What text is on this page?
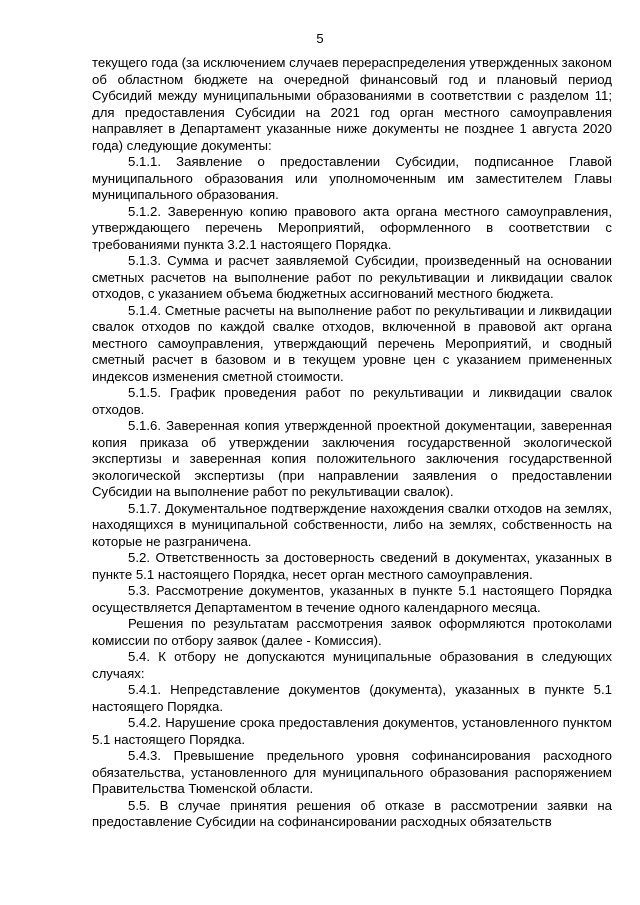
5

текущего года (за исключением случаев перераспределения утвержденных законом об областном бюджете на очередной финансовый год и плановый период Субсидий между муниципальными образованиями в соответствии с разделом 11; для предоставления Субсидии на 2021 год орган местного самоуправления направляет в Департамент указанные ниже документы не позднее 1 августа 2020 года) следующие документы:

5.1.1. Заявление о предоставлении Субсидии, подписанное Главой муниципального образования или уполномоченным им заместителем Главы муниципального образования.

5.1.2. Заверенную копию правового акта органа местного самоуправления, утверждающего перечень Мероприятий, оформленного в соответствии с требованиями пункта 3.2.1 настоящего Порядка.

5.1.3. Сумма и расчет заявляемой Субсидии, произведенный на основании сметных расчетов на выполнение работ по рекультивации и ликвидации свалок отходов, с указанием объема бюджетных ассигнований местного бюджета.

5.1.4. Сметные расчеты на выполнение работ по рекультивации и ликвидации свалок отходов по каждой свалке отходов, включенной в правовой акт органа местного самоуправления, утверждающий перечень Мероприятий, и сводный сметный расчет в базовом и в текущем уровне цен с указанием примененных индексов изменения сметной стоимости.

5.1.5. График проведения работ по рекультивации и ликвидации свалок отходов.

5.1.6. Заверенная копия утвержденной проектной документации, заверенная копия приказа об утверждении заключения государственной экологической экспертизы и заверенная копия положительного заключения государственной экологической экспертизы (при направлении заявления о предоставлении Субсидии на выполнение работ по рекультивации свалок).

5.1.7. Документальное подтверждение нахождения свалки отходов на землях, находящихся в муниципальной собственности, либо на землях, собственность на которые не разграничена.

5.2. Ответственность за достоверность сведений в документах, указанных в пункте 5.1 настоящего Порядка, несет орган местного самоуправления.

5.3. Рассмотрение документов, указанных в пункте 5.1 настоящего Порядка осуществляется Департаментом в течение одного календарного месяца.

Решения по результатам рассмотрения заявок оформляются протоколами комиссии по отбору заявок (далее - Комиссия).

5.4. К отбору не допускаются муниципальные образования в следующих случаях:

5.4.1. Непредставление документов (документа), указанных в пункте 5.1 настоящего Порядка.

5.4.2. Нарушение срока предоставления документов, установленного пунктом 5.1 настоящего Порядка.

5.4.3. Превышение предельного уровня софинансирования расходного обязательства, установленного для муниципального образования распоряжением Правительства Тюменской области.

5.5. В случае принятия решения об отказе в рассмотрении заявки на предоставление Субсидии на софинансировании расходных обязательств
